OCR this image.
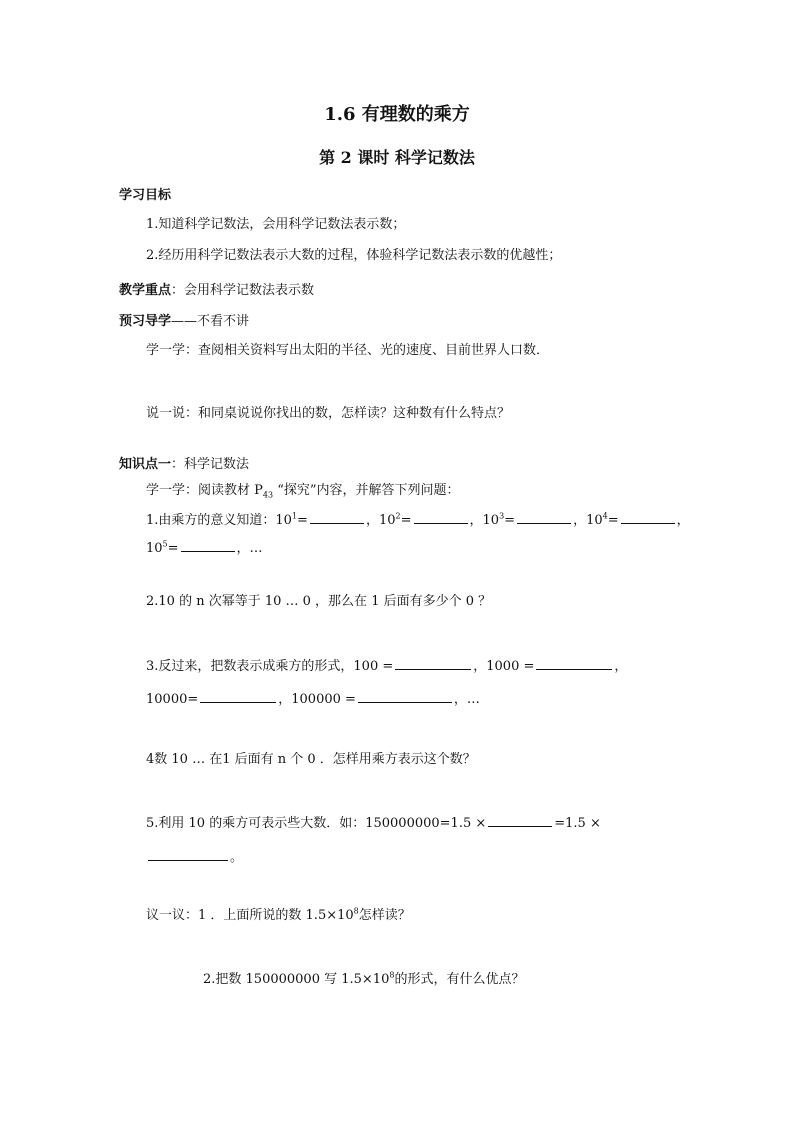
1.6 有理数的乘方
第 2 课时 科学记数法
学习目标
1.知道科学记数法，会用科学记数法表示数；
2.经历用科学记数法表示大数的过程，体验科学记数法表示数的优越性；
教学重点：会用科学记数法表示数
预习导学——不看不讲
学一学：查阅相关资料写出太阳的半径、光的速度、目前世界人口数．
说一说：和同桌说说你找出的数，怎样读？这种数有什么特点？
知识点一：科学记数法
学一学：阅读教材 $P_{43}$ “探究”内容，并解答下列问题：
1.由乘方的意义知道：$10^1=$	，$10^2=$	，$10^3=$	，$10^4=$	，
$10^5=$	，…
2.10 的 n 次幂等于 10 … 0 ，那么在 1 后面有多少个 0 ？
3.反过来，把数表示成乘方的形式，100 =	，1000 =	，
10000=	，100000 =	，…
4数 10 … 在1 后面有 n 个 0 ．怎样用乘方表示这个数？
5.利用 10 的乘方可表示些大数．如：150000000=1.5 ×	=1.5 ×
。
议一议：1 ．上面所说的数 $1.5\times 10^8$怎样读？
2.把数 150000000 写 $1.5\times 10^8$的形式，有什么优点？
